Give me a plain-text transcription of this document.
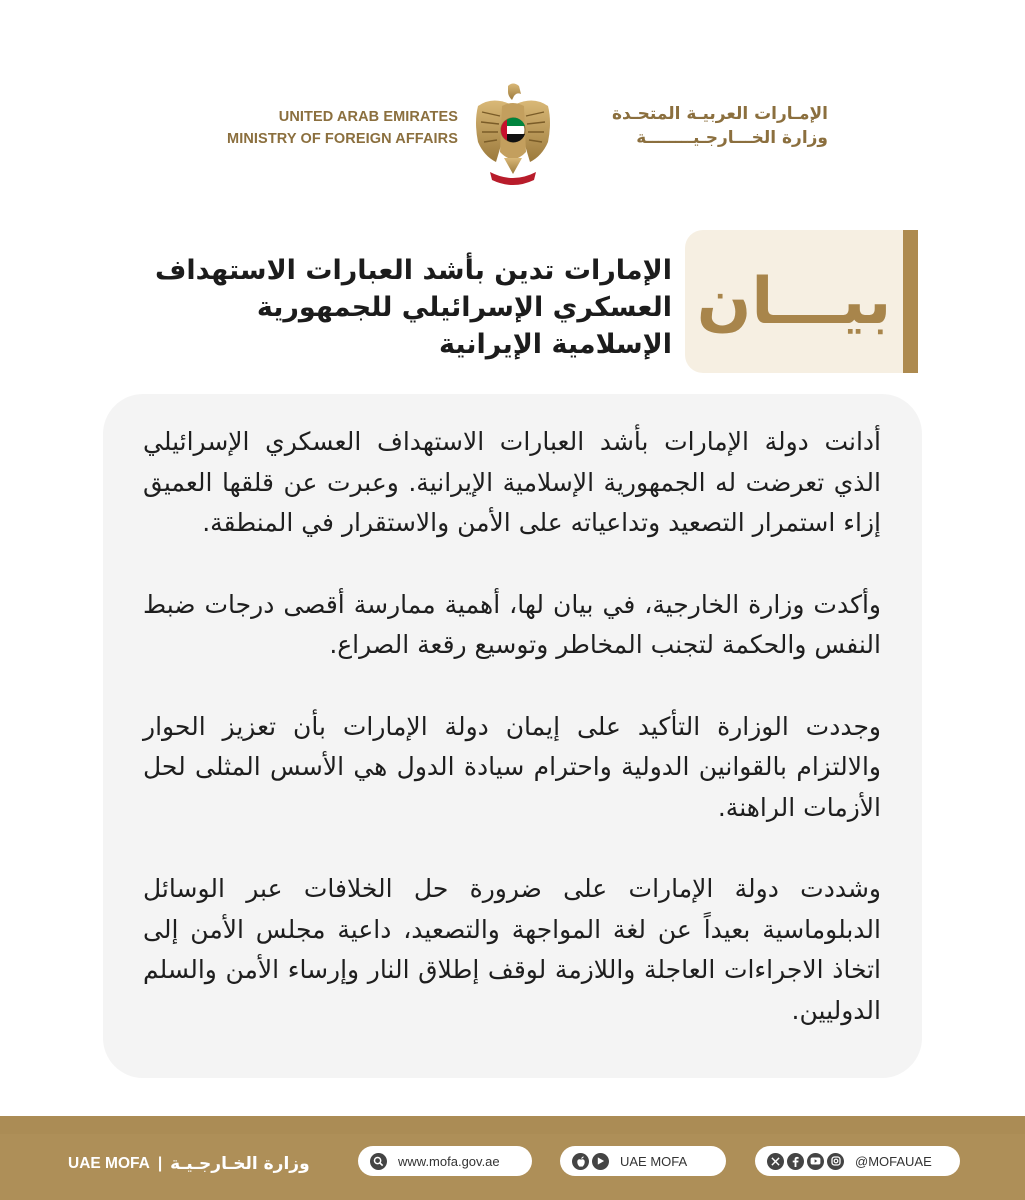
UNITED ARAB EMIRATES
MINISTRY OF FOREIGN AFFAIRS
الإمـارات العربيـة المتحـدة
وزارة الخـــارجـيــــــــة
بيـــان
الإمارات تدين بأشد العبارات الاستهداف
العسكري الإسرائيلي للجمهورية
الإسلامية الإيرانية

أدانت دولة الإمارات بأشد العبارات الاستهداف العسكري الإسرائيلي الذي تعرضت له الجمهورية الإسلامية الإيرانية. وعبرت عن قلقها العميق إزاء استمرار التصعيد وتداعياته على الأمن والاستقرار في المنطقة.

وأكدت وزارة الخارجية، في بيان لها، أهمية ممارسة أقصى درجات ضبط النفس والحكمة لتجنب المخاطر وتوسيع رقعة الصراع.

وجددت الوزارة التأكيد على إيمان دولة الإمارات بأن تعزيز الحوار والالتزام بالقوانين الدولية واحترام سيادة الدول هي الأسس المثلى لحل الأزمات الراهنة.

وشددت دولة الإمارات على ضرورة حل الخلافات عبر الوسائل الدبلوماسية بعيداً عن لغة المواجهة والتصعيد، داعية مجلس الأمن إلى اتخاذ الاجراءات العاجلة واللازمة لوقف إطلاق النار وإرساء الأمن والسلم الدوليين.

UAE MOFA | وزارة الخـارجـيـة	www.mofa.gov.ae	UAE MOFA	@MOFAUAE
